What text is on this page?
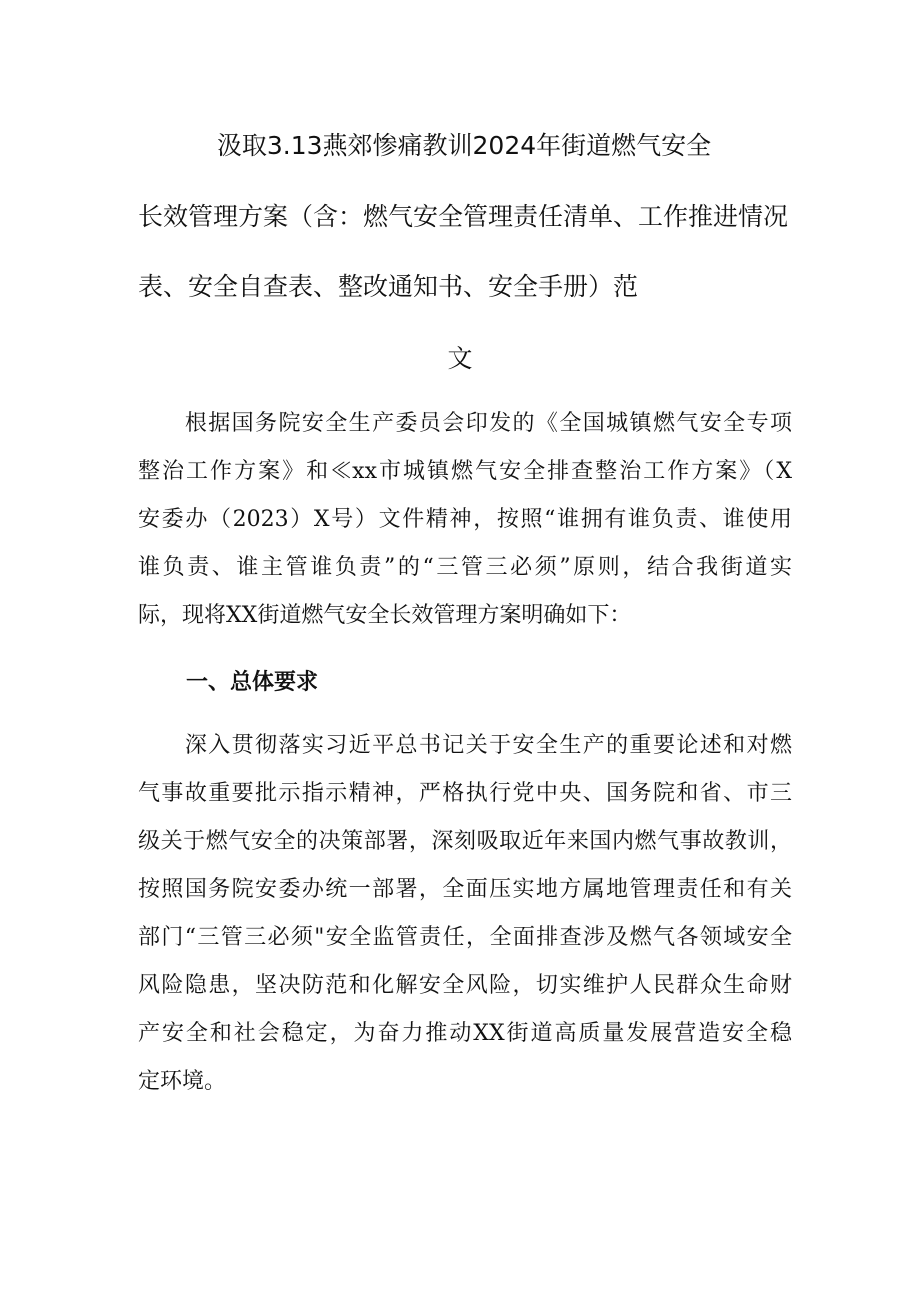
汲取3.13燕郊惨痛教训2024年街道燃气安全
长效管理方案（含：燃气安全管理责任清单、工作推进情况
表、安全自查表、整改通知书、安全手册）范
文
　　根据国务院安全生产委员会印发的《全国城镇燃气安全专项
整治工作方案》和≪xx市城镇燃气安全排查整治工作方案》（X
安委办（2023）X号）文件精神，按照“谁拥有谁负责、谁使用
谁负责、谁主管谁负责”的“三管三必须”原则，结合我街道实
际，现将XX街道燃气安全长效管理方案明确如下：
一、总体要求
　　深入贯彻落实习近平总书记关于安全生产的重要论述和对燃
气事故重要批示指示精神，严格执行党中央、国务院和省、市三
级关于燃气安全的决策部署，深刻吸取近年来国内燃气事故教训，
按照国务院安委办统一部署，全面压实地方属地管理责任和有关
部门“三管三必须"安全监管责任，全面排查涉及燃气各领域安全
风险隐患，坚决防范和化解安全风险，切实维护人民群众生命财
产安全和社会稳定，为奋力推动XX街道高质量发展营造安全稳
定环境。
